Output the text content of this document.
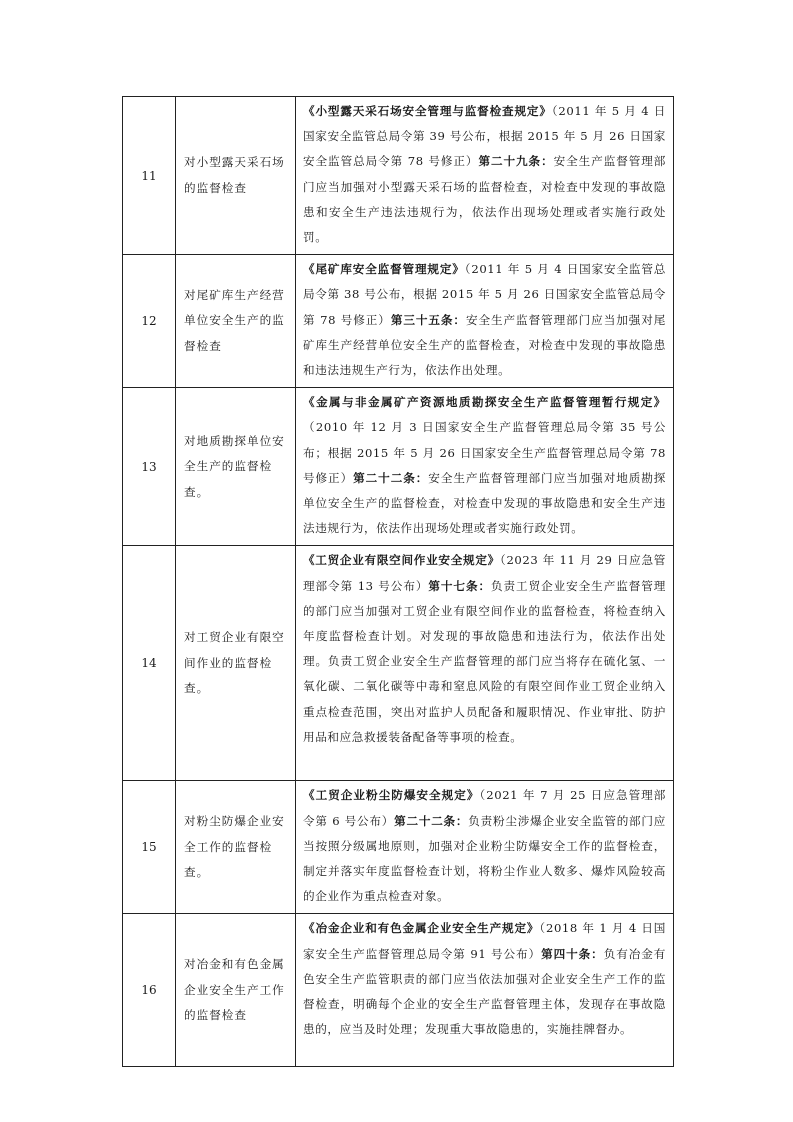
11	对小型露天采石场的监督检查	《小型露天采石场安全管理与监督检查规定》（2011 年 5 月 4 日国家安全监管总局令第 39 号公布，根据 2015 年 5 月 26 日国家安全监管总局令第 78 号修正）第二十九条：安全生产监督管理部门应当加强对小型露天采石场的监督检查，对检查中发现的事故隐患和安全生产违法违规行为，依法作出现场处理或者实施行政处罚。
12	对尾矿库生产经营单位安全生产的监督检查	《尾矿库安全监督管理规定》（2011 年 5 月 4 日国家安全监管总局令第 38 号公布，根据 2015 年 5 月 26 日国家安全监管总局令第 78 号修正）第三十五条：安全生产监督管理部门应当加强对尾矿库生产经营单位安全生产的监督检查，对检查中发现的事故隐患和违法违规生产行为，依法作出处理。
13	对地质勘探单位安全生产的监督检查。	《金属与非金属矿产资源地质勘探安全生产监督管理暂行规定》（2010 年 12 月 3 日国家安全生产监督管理总局令第 35 号公布；根据 2015 年 5 月 26 日国家安全生产监督管理总局令第 78 号修正）第二十二条：安全生产监督管理部门应当加强对地质勘探单位安全生产的监督检查，对检查中发现的事故隐患和安全生产违法违规行为，依法作出现场处理或者实施行政处罚。
14	对工贸企业有限空间作业的监督检查。	《工贸企业有限空间作业安全规定》（2023 年 11 月 29 日应急管理部令第 13 号公布）第十七条：负责工贸企业安全生产监督管理的部门应当加强对工贸企业有限空间作业的监督检查，将检查纳入年度监督检查计划。对发现的事故隐患和违法行为，依法作出处理。负责工贸企业安全生产监督管理的部门应当将存在硫化氢、一氧化碳、二氧化碳等中毒和窒息风险的有限空间作业工贸企业纳入重点检查范围，突出对监护人员配备和履职情况、作业审批、防护用品和应急救援装备配备等事项的检查。
15	对粉尘防爆企业安全工作的监督检查。	《工贸企业粉尘防爆安全规定》（2021 年 7 月 25 日应急管理部令第 6 号公布）第二十二条：负责粉尘涉爆企业安全监管的部门应当按照分级属地原则，加强对企业粉尘防爆安全工作的监督检查，制定并落实年度监督检查计划，将粉尘作业人数多、爆炸风险较高的企业作为重点检查对象。
16	对冶金和有色金属企业安全生产工作的监督检查	《冶金企业和有色金属企业安全生产规定》（2018 年 1 月 4 日国家安全生产监督管理总局令第 91 号公布）第四十条：负有冶金有色安全生产监管职责的部门应当依法加强对企业安全生产工作的监督检查，明确每个企业的安全生产监督管理主体，发现存在事故隐患的，应当及时处理；发现重大事故隐患的，实施挂牌督办。
